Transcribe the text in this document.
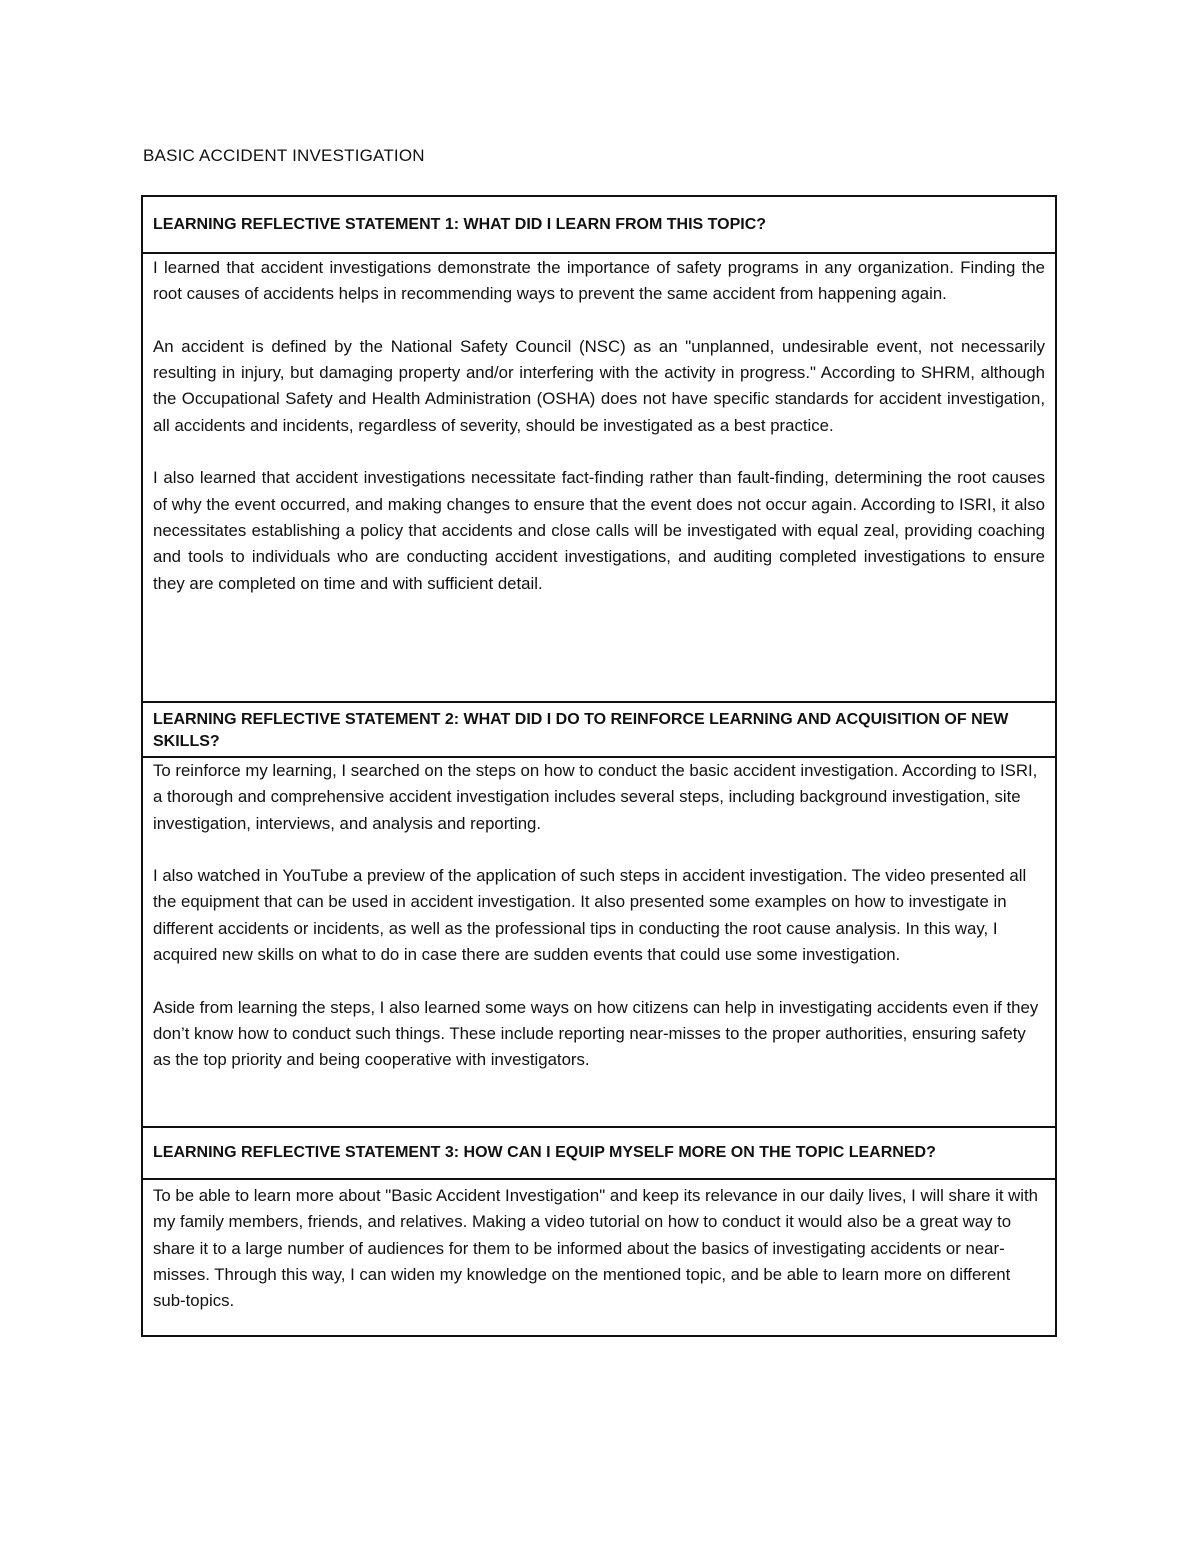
BASIC ACCIDENT INVESTIGATION
LEARNING REFLECTIVE STATEMENT 1: WHAT DID I LEARN FROM THIS TOPIC?

I learned that accident investigations demonstrate the importance of safety programs in any organization. Finding the root causes of accidents helps in recommending ways to prevent the same accident from happening again.

An accident is defined by the National Safety Council (NSC) as an "unplanned, undesirable event, not necessarily resulting in injury, but damaging property and/or interfering with the activity in progress." According to SHRM, although the Occupational Safety and Health Administration (OSHA) does not have specific standards for accident investigation, all accidents and incidents, regardless of severity, should be investigated as a best practice.

I also learned that accident investigations necessitate fact-finding rather than fault-finding, determining the root causes of why the event occurred, and making changes to ensure that the event does not occur again. According to ISRI, it also necessitates establishing a policy that accidents and close calls will be investigated with equal zeal, providing coaching and tools to individuals who are conducting accident investigations, and auditing completed investigations to ensure they are completed on time and with sufficient detail.

LEARNING REFLECTIVE STATEMENT 2: WHAT DID I DO TO REINFORCE LEARNING AND ACQUISITION OF NEW SKILLS?

To reinforce my learning, I searched on the steps on how to conduct the basic accident investigation. According to ISRI, a thorough and comprehensive accident investigation includes several steps, including background investigation, site investigation, interviews, and analysis and reporting.

I also watched in YouTube a preview of the application of such steps in accident investigation. The video presented all the equipment that can be used in accident investigation. It also presented some examples on how to investigate in different accidents or incidents, as well as the professional tips in conducting the root cause analysis. In this way, I acquired new skills on what to do in case there are sudden events that could use some investigation.

Aside from learning the steps, I also learned some ways on how citizens can help in investigating accidents even if they don’t know how to conduct such things. These include reporting near-misses to the proper authorities, ensuring safety as the top priority and being cooperative with investigators.

LEARNING REFLECTIVE STATEMENT 3: HOW CAN I EQUIP MYSELF MORE ON THE TOPIC LEARNED?

To be able to learn more about "Basic Accident Investigation" and keep its relevance in our daily lives, I will share it with my family members, friends, and relatives. Making a video tutorial on how to conduct it would also be a great way to share it to a large number of audiences for them to be informed about the basics of investigating accidents or near-misses. Through this way, I can widen my knowledge on the mentioned topic, and be able to learn more on different sub-topics.
